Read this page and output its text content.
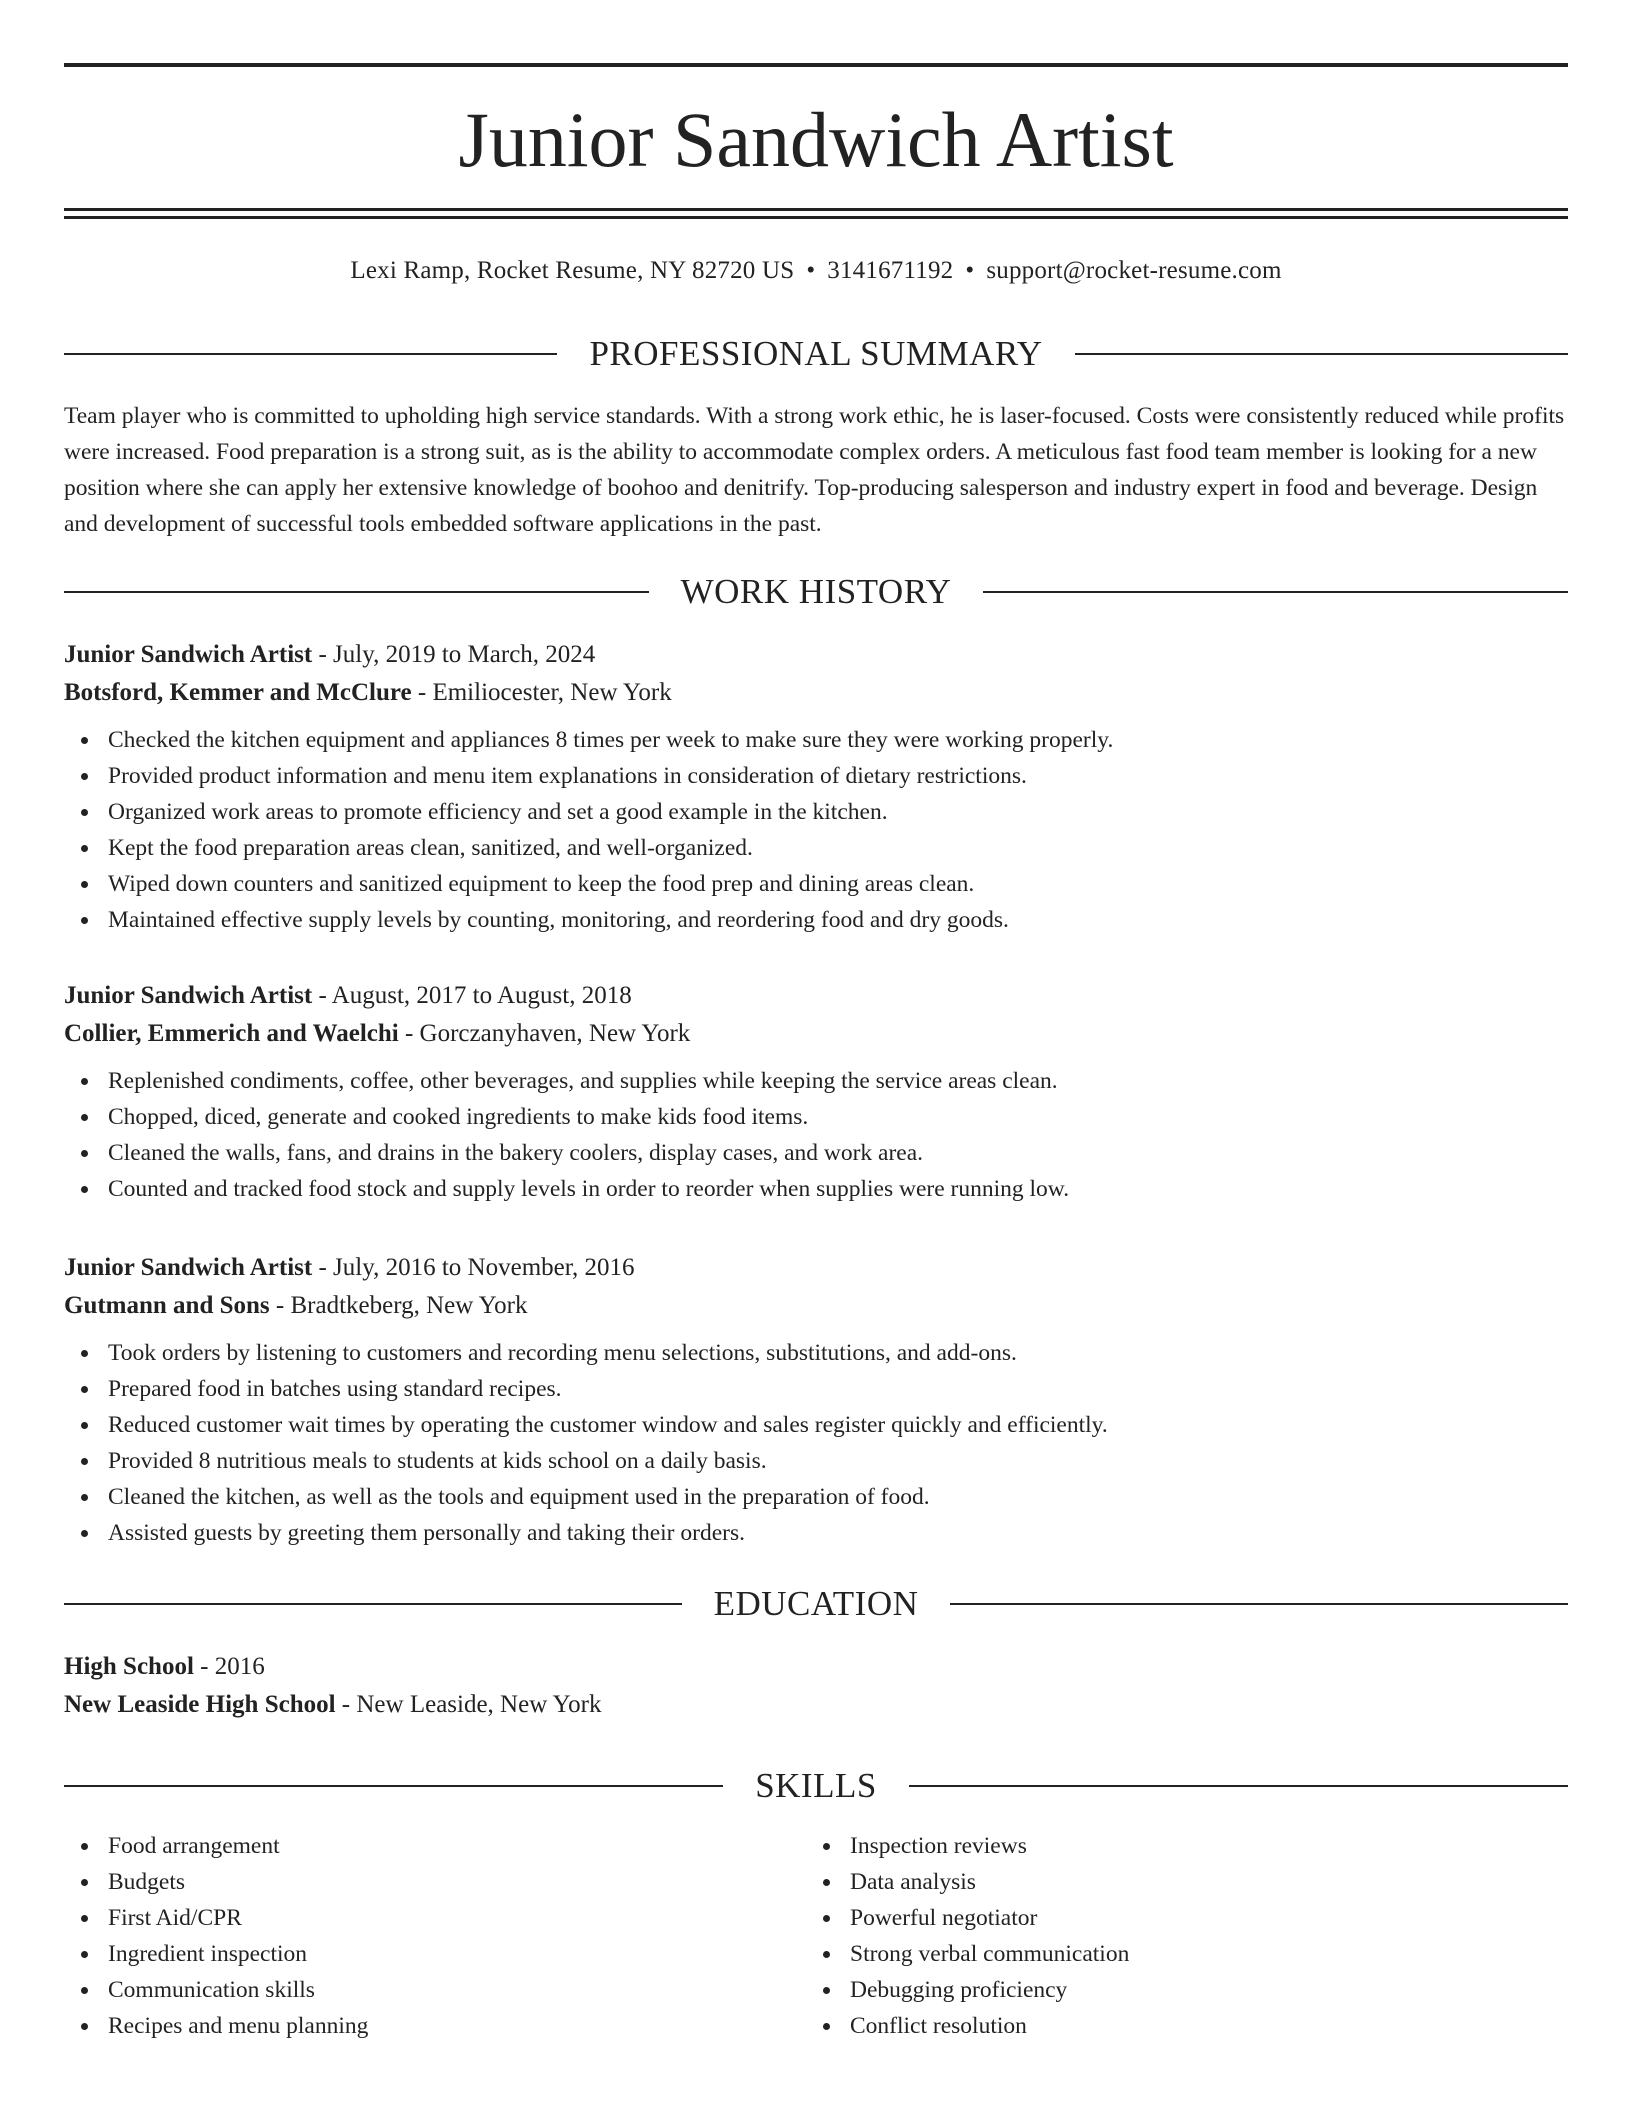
Junior Sandwich Artist
Lexi Ramp, Rocket Resume, NY 82720 US • 3141671192 • support@rocket-resume.com
PROFESSIONAL SUMMARY

Team player who is committed to upholding high service standards. With a strong work ethic, he is laser-focused. Costs were consistently reduced while profits were increased. Food preparation is a strong suit, as is the ability to accommodate complex orders. A meticulous fast food team member is looking for a new position where she can apply her extensive knowledge of boohoo and denitrify. Top-producing salesperson and industry expert in food and beverage. Design and development of successful tools embedded software applications in the past.

WORK HISTORY
Junior Sandwich Artist - July, 2019 to March, 2024
Botsford, Kemmer and McClure - Emiliocester, New York
Checked the kitchen equipment and appliances 8 times per week to make sure they were working properly.
Provided product information and menu item explanations in consideration of dietary restrictions.
Organized work areas to promote efficiency and set a good example in the kitchen.
Kept the food preparation areas clean, sanitized, and well-organized.
Wiped down counters and sanitized equipment to keep the food prep and dining areas clean.
Maintained effective supply levels by counting, monitoring, and reordering food and dry goods.
Junior Sandwich Artist - August, 2017 to August, 2018
Collier, Emmerich and Waelchi - Gorczanyhaven, New York
Replenished condiments, coffee, other beverages, and supplies while keeping the service areas clean.
Chopped, diced, generate and cooked ingredients to make kids food items.
Cleaned the walls, fans, and drains in the bakery coolers, display cases, and work area.
Counted and tracked food stock and supply levels in order to reorder when supplies were running low.
Junior Sandwich Artist - July, 2016 to November, 2016
Gutmann and Sons - Bradtkeberg, New York
Took orders by listening to customers and recording menu selections, substitutions, and add-ons.
Prepared food in batches using standard recipes.
Reduced customer wait times by operating the customer window and sales register quickly and efficiently.
Provided 8 nutritious meals to students at kids school on a daily basis.
Cleaned the kitchen, as well as the tools and equipment used in the preparation of food.
Assisted guests by greeting them personally and taking their orders.
EDUCATION
High School - 2016
New Leaside High School - New Leaside, New York
SKILLS
Food arrangement
Budgets
First Aid/CPR
Ingredient inspection
Communication skills
Recipes and menu planning
Inspection reviews
Data analysis
Powerful negotiator
Strong verbal communication
Debugging proficiency
Conflict resolution
